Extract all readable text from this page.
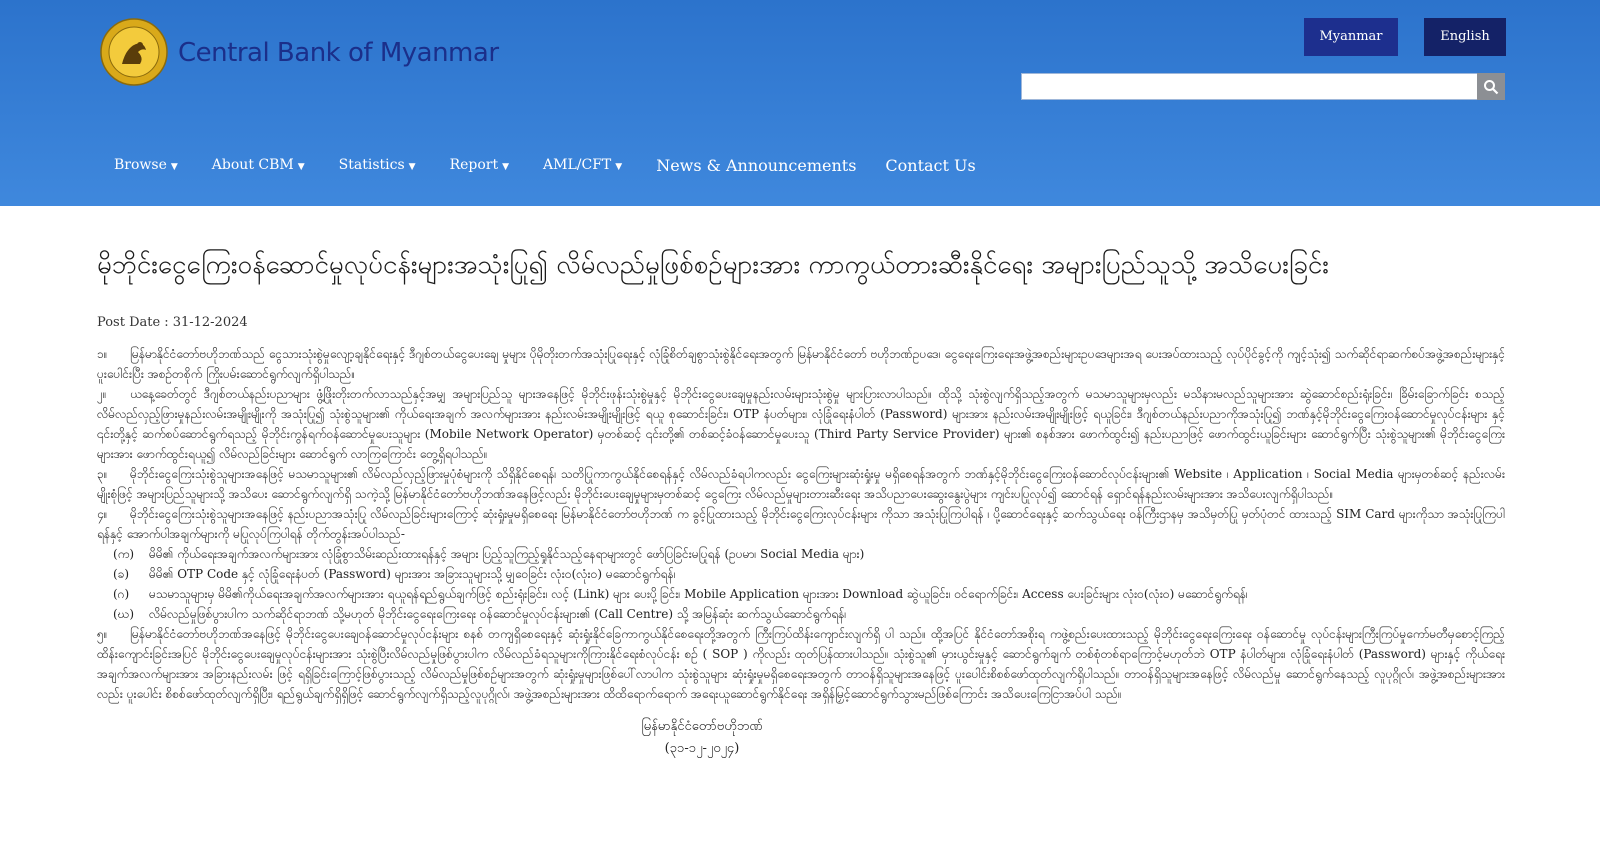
Central Bank of Myanmar
Myanmar	English
Browse ▼ About CBM ▼ Statistics ▼ Report ▼ AML/CFT ▼ News & Announcements Contact Us
မိုဘိုင်းငွေကြေးဝန်ဆောင်မှုလုပ်ငန်းများအသုံးပြု၍ လိမ်လည်မှုဖြစ်စဉ်များအား ကာကွယ်တားဆီးနိုင်ရေး အများပြည်သူသို့ အသိပေးခြင်း
Post Date : 31-12-2024

၁။ မြန်မာနိုင်ငံတော်ဗဟိုဘဏ်သည် ငွေသားသုံးစွဲမှုလျော့ချနိုင်ရေးနှင့် ဒီဂျစ်တယ်ငွေပေးချေ မှုများ ပိုမိုတိုးတက်အသုံးပြုရေးနှင့် လုံခြုံစိတ်ချစွာသုံးစွဲနိုင်ရေးအတွက် မြန်မာနိုင်ငံတော် ဗဟိုဘဏ်ဥပဒေ၊ ငွေရေးကြေးရေးအဖွဲ့အစည်းများဥပဒေများအရ ပေးအပ်ထားသည့် လုပ်ပိုင်ခွင့်ကို ကျင့်သုံး၍ သက်ဆိုင်ရာဆက်စပ်အဖွဲ့အစည်းများနှင့်ပူးပေါင်းပြီး အစဉ်တစိုက် ကြိုးပမ်းဆောင်ရွက်လျက်ရှိပါသည်။

၂။ ယနေ့ခေတ်တွင် ဒီဂျစ်တယ်နည်းပညာများ ဖွံ့ဖြိုးတိုးတက်လာသည်နှင့်အမျှ အများပြည်သူ များအနေဖြင့် မိုဘိုင်းဖုန်းသုံးစွဲမှုနှင့် မိုဘိုင်းငွေပေးချေမှုနည်းလမ်းများသုံးစွဲမှု များပြားလာပါသည်။ ထိုသို့ သုံးစွဲလျက်ရှိသည့်အတွက် မသမာသူများမှလည်း မသိနားမလည်သူများအား ဆွဲဆောင်စည်းရုံးခြင်း၊ ခြိမ်းခြောက်ခြင်း စသည့် လိမ်လည်လှည့်ဖြားမှုနည်းလမ်းအမျိုးမျိုးကို အသုံးပြု၍ သုံးစွဲသူများ၏ ကိုယ်ရေးအချက် အလက်များအား နည်းလမ်းအမျိုးမျိုးဖြင့် ရယူ စုဆောင်းခြင်း၊ OTP နံပတ်များ၊ လုံခြုံရေးနံပါတ် (Password) များအား နည်းလမ်းအမျိုးမျိုးဖြင့် ရယူခြင်း၊ ဒီဂျစ်တယ်နည်းပညာကိုအသုံးပြု၍ ဘဏ်နှင့်မိုဘိုင်းငွေကြေးဝန်ဆောင်မှုလုပ်ငန်းများ နှင့် ၎င်းတို့နှင့် ဆက်စပ်ဆောင်ရွက်ရသည့် မိုဘိုင်းကွန်ရက်ဝန်ဆောင်မှုပေးသူများ (Mobile Network Operator) မှတစ်ဆင့် ၎င်းတို့၏ တစ်ဆင့်ခံဝန်ဆောင်မှုပေးသူ (Third Party Service Provider) များ၏ စနစ်အား ဖောက်ထွင်း၍ နည်းပညာဖြင့် ဖောက်ထွင်းယူခြင်းများ ဆောင်ရွက်ပြီး သုံးစွဲသူများ၏ မိုဘိုင်းငွေကြေးများအား ဖောက်ထွင်းရယူ၍ လိမ်လည်ခြင်းများ ဆောင်ရွက် လာကြကြောင်း တွေ့ရှိရပါသည်။

၃။ မိုဘိုင်းငွေကြေးသုံးစွဲသူများအနေဖြင့် မသမာသူများ၏ လိမ်လည်လှည့်ဖြားမှုပုံစံများကို သိရှိနိုင်စေရန်၊ သတိပြုကာကွယ်နိုင်စေရန်နှင့် လိမ်လည်ခံရပါကလည်း ငွေကြေးများဆုံးရှုံးမှု မရှိစေရန်အတွက် ဘဏ်နှင့်မိုဘိုင်းငွေကြေးဝန်ဆောင်လုပ်ငန်းများ၏ Website ၊ Application ၊ Social Media များမှတစ်ဆင့် နည်းလမ်းမျိုးစုံဖြင့် အများပြည်သူများသို့ အသိပေး ဆောင်ရွက်လျက်ရှိ သကဲ့သို့ မြန်မာနိုင်ငံတော်ဗဟိုဘဏ်အနေဖြင့်လည်း မိုဘိုင်းပေးချေမှုများမှတစ်ဆင့် ငွေကြေး လိမ်လည်မှုများတားဆီးရေး အသိပညာပေးဆွေးနွေးပွဲများ ကျင်းပပြုလုပ်၍ ဆောင်ရန် ရှောင်ရန်နည်းလမ်းများအား အသိပေးလျက်ရှိပါသည်။

၄။ မိုဘိုင်းငွေကြေးသုံးစွဲသူများအနေဖြင့် နည်းပညာအသုံးပြု လိမ်လည်ခြင်းများကြောင့် ဆုံးရှုံးမှုမရှိစေရေး မြန်မာနိုင်ငံတော်ဗဟိုဘဏ် က ခွင့်ပြုထားသည့် မိုဘိုင်းငွေကြေးလုပ်ငန်းများ ကိုသာ အသုံးပြုကြပါရန် ၊ ပို့ဆောင်ရေးနှင့် ဆက်သွယ်ရေး ဝန်ကြီးဌာနမှ အသိမှတ်ပြု မှတ်ပုံတင် ထားသည့် SIM Card များကိုသာ အသုံးပြုကြပါရန်နှင့် အောက်ပါအချက်များကို မပြုလုပ်ကြပါရန် တိုက်တွန်းအပ်ပါသည်-

(က) မိမိ၏ ကိုယ်ရေးအချက်အလက်များအား လုံခြုံစွာသိမ်းဆည်းထားရန်နှင့် အများ ပြည့်သူကြည့်ရှုနိုင်သည့်နေရာများတွင် ဖော်ပြခြင်းမပြုရန် (ဥပမာ၊ Social Media များ)

(ခ) မိမိ၏ OTP Code နှင့် လုံခြုံရေးနံပတ် (Password) များအား အခြားသူများသို့ မျှဝေခြင်း လုံး၀(လုံး၀) မဆောင်ရွက်ရန်၊

(ဂ) မသမာသူများမှ မိမိ၏ကိုယ်ရေးအချက်အလက်များအား ရယူရန်ရည်ရွယ်ချက်ဖြင့် စည်းရုံးခြင်း၊ လင့် (Link) များ ပေးပို့ခြင်း၊ Mobile Application များအား Download ဆွဲယူခြင်း၊ ဝင်ရောက်ခြင်း၊ Access ပေးခြင်းများ လုံး၀(လုံး၀) မဆောင်ရွက်ရန်၊

(ဃ) လိမ်လည်မှုဖြစ်ပွားပါက သက်ဆိုင်ရာဘဏ် သို့မဟုတ် မိုဘိုင်းငွေရေးကြေးရေး ဝန်ဆောင်မှုလုပ်ငန်းများ၏ (Call Centre) သို့ အမြန်ဆုံး ဆက်သွယ်ဆောင်ရွက်ရန်၊

၅။ မြန်မာနိုင်ငံတော်ဗဟိုဘဏ်အနေဖြင့် မိုဘိုင်းငွေပေးချေဝန်ဆောင်မှုလုပ်ငန်းများ စနစ် တကျရှိစေရေးနှင့် ဆုံးရှုံးနိုင်ခြေကာကွယ်နိုင်စေရေးတို့အတွက် ကြီးကြပ်ထိန်းကျောင်းလျက်ရှိ ပါ သည်။ ထို့အပြင် နိုင်ငံတော်အစိုးရ ကဖွဲ့စည်းပေးထားသည့် မိုဘိုင်းငွေရေးကြေးရေး ဝန်ဆောင်မှု လုပ်ငန်းများကြီးကြပ်မှုကော်မတီမှစောင့်ကြည့်ထိန်းကျောင်းခြင်းအပြင် မိုဘိုင်းငွေပေးချေမှုလုပ်ငန်းများအား သုံးစွဲပြီးလိမ်လည်မှုဖြစ်ပွားပါက လိမ်လည်ခံရသူများကိုကြားနိုင်ရေးစံလုပ်ငန်း စဉ် ( SOP ) ကိုလည်း ထုတ်ပြန်ထားပါသည်။ သုံးစွဲသူ၏ မှားယွင်းမှုနှင့် ဆောင်ရွက်ချက် တစ်စုံတစ်ရာကြောင့်မဟုတ်ဘဲ OTP နံပါတ်များ၊ လုံခြုံရေးနံပါတ် (Password) များနှင့် ကိုယ်ရေးအချက်အလက်များအား အခြားနည်းလမ်း ဖြင့် ရရှိခြင်းကြောင့်ဖြစ်ပွားသည့် လိမ်လည်မှုဖြစ်စဉ်များအတွက် ဆုံးရှုံးမှုများဖြစ်ပေါ်လာပါက သုံးစွဲသူများ ဆုံးရှုံးမှုမရှိစေရေးအတွက် တာဝန်ရှိသူများအနေဖြင့် ပူးပေါင်းစိစစ်ဖော်ထုတ်လျက်ရှိပါသည်။ တာဝန်ရှိသူများအနေဖြင့် လိမ်လည်မှု ဆောင်ရွက်နေသည့် လူပုဂ္ဂိုလ်၊ အဖွဲ့အစည်းများအားလည်း ပူးပေါင်း စိစစ်ဖော်ထုတ်လျက်ရှိပြီး၊ ရည်ရွယ်ချက်ရှိရှိဖြင့် ဆောင်ရွက်လျက်ရှိသည့်လူပုဂ္ဂိုလ်၊ အဖွဲ့အစည်းများအား ထိထိရောက်ရောက် အရေးယူဆောင်ရွက်နိုင်ရေး အရှိန်မြှင့်ဆောင်ရွက်သွားမည်ဖြစ်ကြောင်း အသိပေးကြေငြာအပ်ပါ သည်။

မြန်မာနိုင်ငံတော်ဗဟိုဘဏ်
(၃၁-၁၂-၂၀၂၄)
